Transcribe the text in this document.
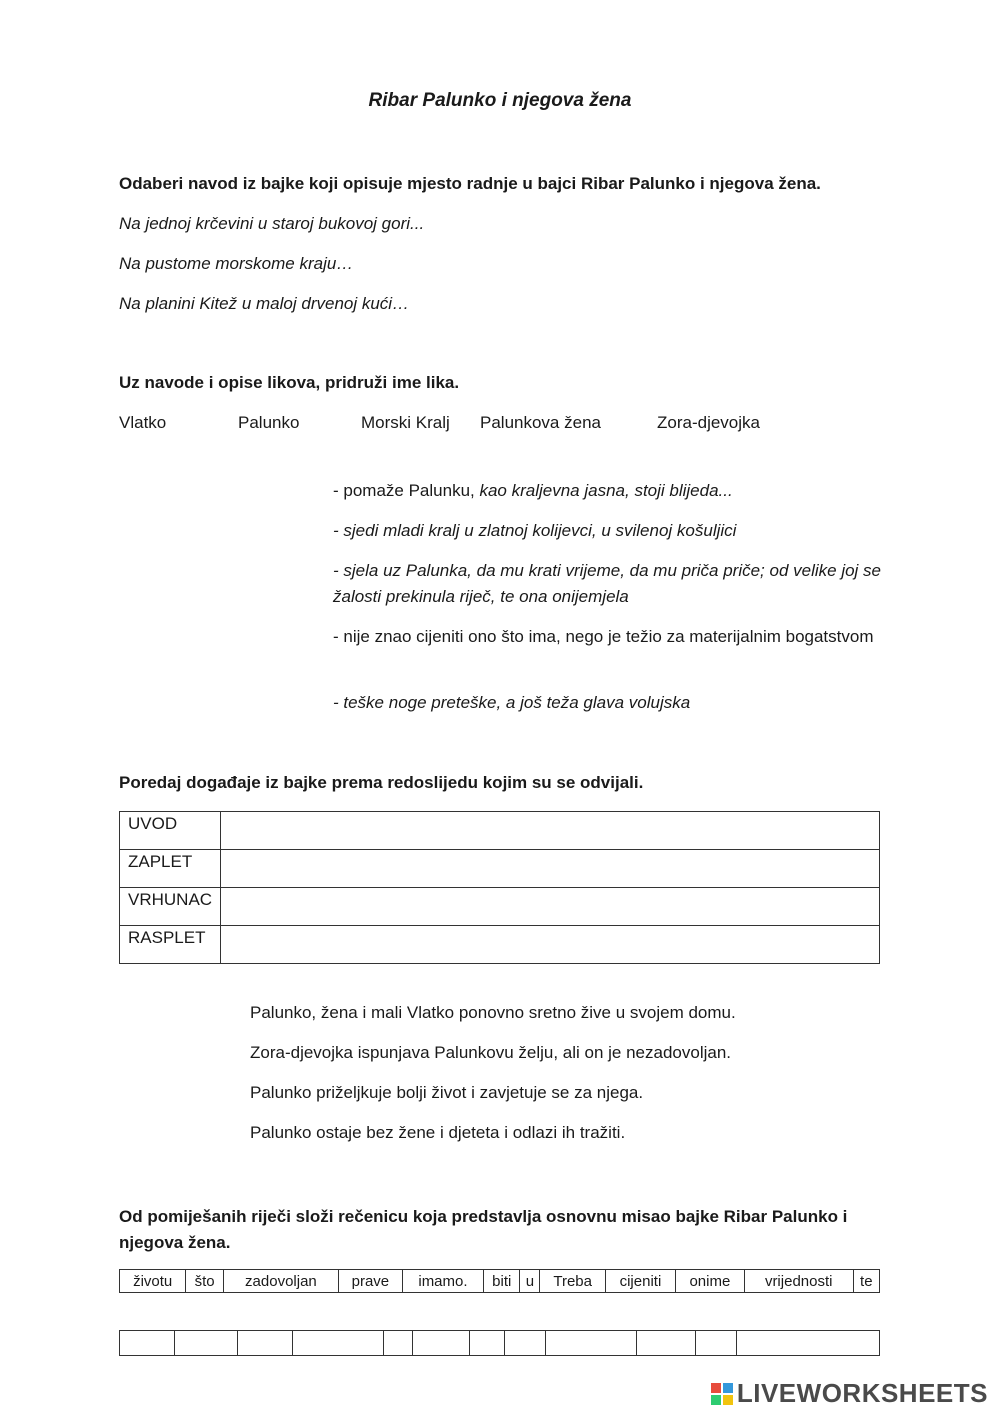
Ribar Palunko i njegova žena
Odaberi navod iz bajke koji opisuje mjesto radnje u bajci Ribar Palunko i njegova žena.
Na jednoj krčevini u staroj bukovoj gori...
Na pustome morskome kraju…
Na planini Kitež u maloj drvenoj kući…
Uz navode i opise likova, pridruži ime lika.
Vlatko	Palunko	Morski Kralj Palunkova žena	Zora-djevojka
- pomaže Palunku, kao kraljevna jasna, stoji blijeda...
- sjedi mladi kralj u zlatnoj kolijevci, u svilenoj košuljici
- sjela uz Palunka, da mu krati vrijeme, da mu priča priče; od velike joj se žalosti prekinula riječ, te ona onijemjela
- nije znao cijeniti ono što ima, nego je težio za materijalnim bogatstvom
- teške noge preteške, a još teža glava volujska
Poredaj događaje iz bajke prema redoslijedu kojim su se odvijali.
UVOD	
ZAPLET	
VRHUNAC	
RASPLET	
Palunko, žena i mali Vlatko ponovno sretno žive u svojem domu.
Zora-djevojka ispunjava Palunkovu želju, ali on je nezadovoljan.
Palunko priželjkuje bolji život i zavjetuje se za njega.
Palunko ostaje bez žene i djeteta i odlazi ih tražiti.
Od pomiješanih riječi složi rečenicu koja predstavlja osnovnu misao bajke Ribar Palunko i njegova žena.
životu	što	zadovoljan	prave	imamo.	biti	u	Treba	cijeniti	onime	vrijednosti	te

LIVEWORKSHEETS
